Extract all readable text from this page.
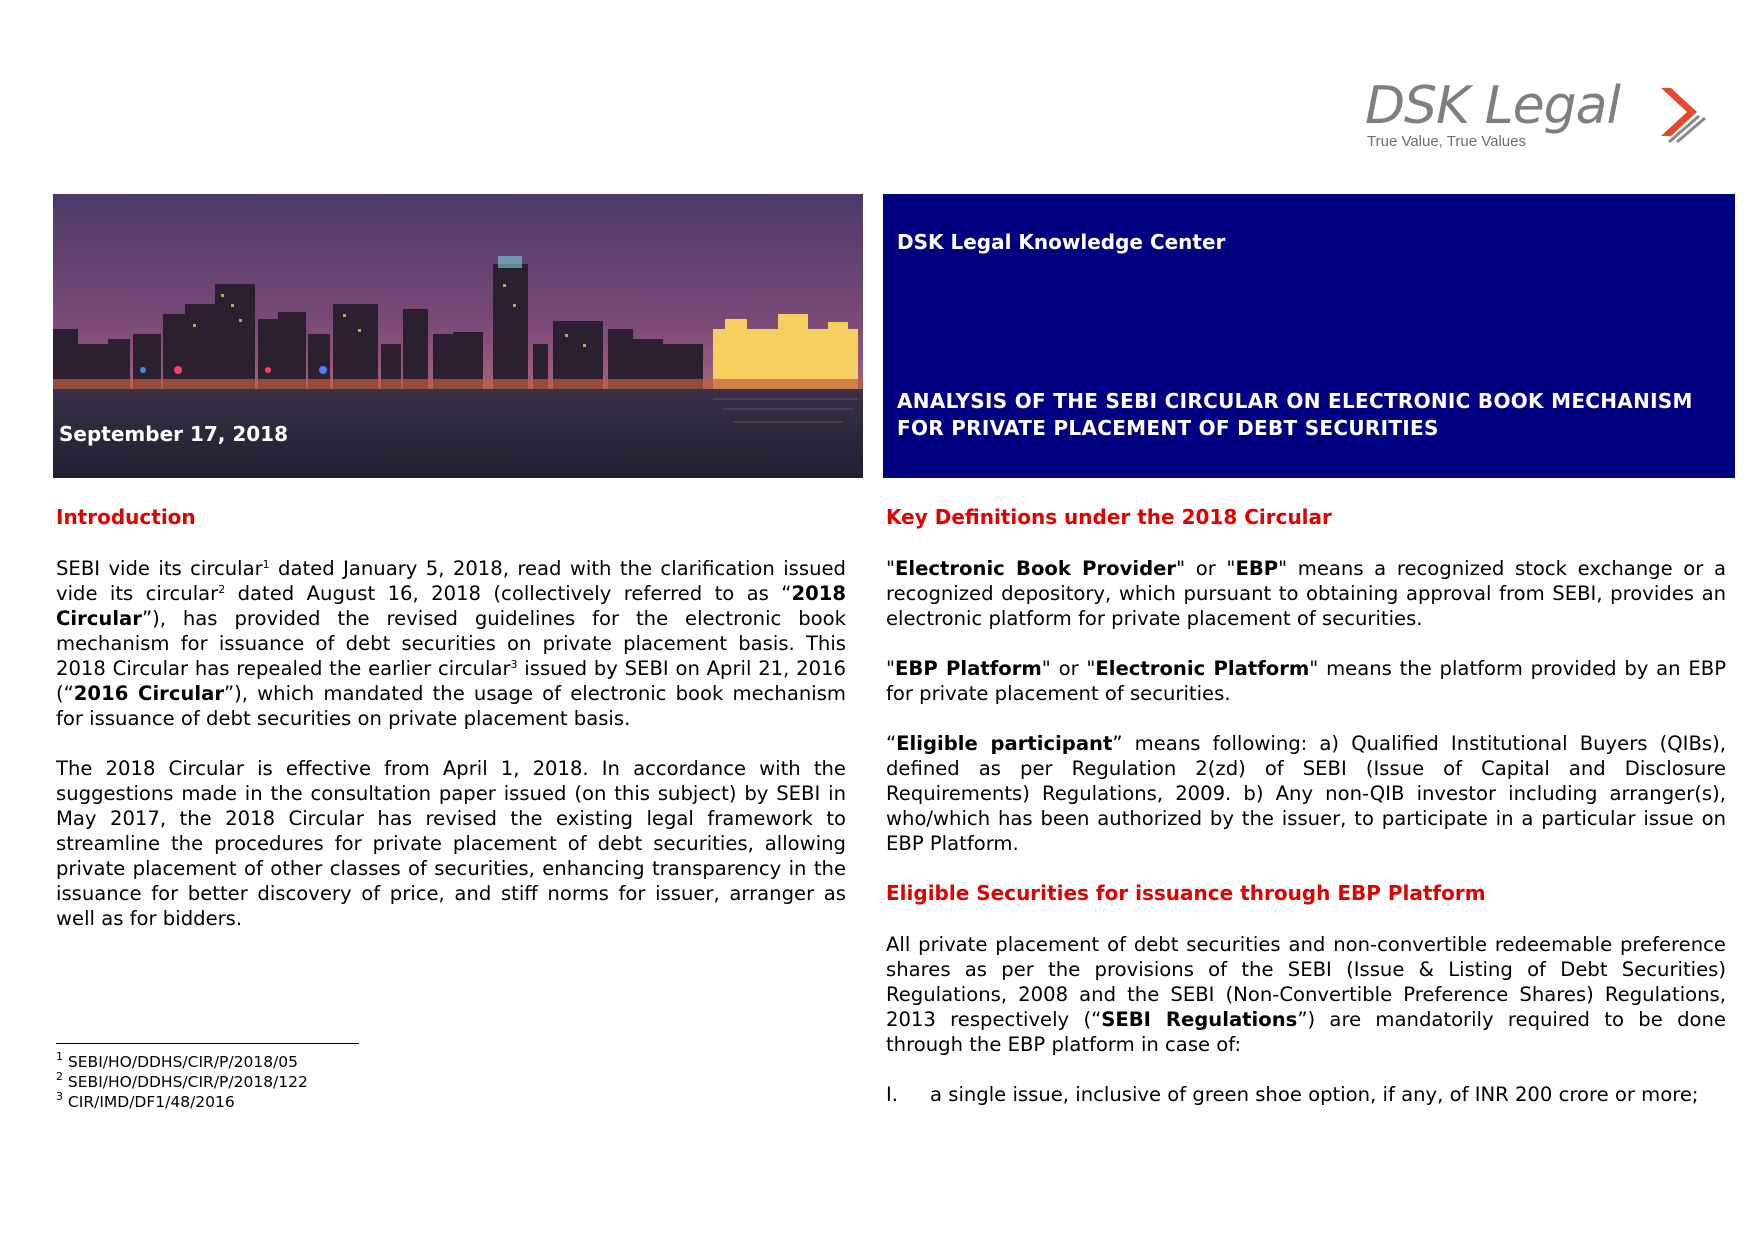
DSK Legal
True Value, True Values
September 17, 2018
DSK Legal Knowledge Center
ANALYSIS OF THE SEBI CIRCULAR ON ELECTRONIC BOOK MECHANISM FOR PRIVATE PLACEMENT OF DEBT SECURITIES
Introduction

SEBI vide its circular$^1$ dated January 5, 2018, read with the clarification issued vide its circular$^2$ dated August 16, 2018 (collectively referred to as “2018 Circular”), has provided the revised guidelines for the electronic book mechanism for issuance of debt securities on private placement basis. This 2018 Circular has repealed the earlier circular$^3$ issued by SEBI on April 21, 2016 (“2016 Circular”), which mandated the usage of electronic book mechanism for issuance of debt securities on private placement basis.

The 2018 Circular is effective from April 1, 2018. In accordance with the suggestions made in the consultation paper issued (on this subject) by SEBI in May 2017, the 2018 Circular has revised the existing legal framework to streamline the procedures for private placement of debt securities, allowing private placement of other classes of securities, enhancing transparency in the issuance for better discovery of price, and stiff norms for issuer, arranger as well as for bidders.

$^1$ SEBI/HO/DDHS/CIR/P/2018/05
$^2$ SEBI/HO/DDHS/CIR/P/2018/122
$^3$ CIR/IMD/DF1/48/2016
Key Definitions under the 2018 Circular

"Electronic Book Provider" or "EBP" means a recognized stock exchange or a recognized depository, which pursuant to obtaining approval from SEBI, provides an electronic platform for private placement of securities.

"EBP Platform" or "Electronic Platform" means the platform provided by an EBP for private placement of securities.

“Eligible participant” means following: a) Qualified Institutional Buyers (QIBs), defined as per Regulation 2(zd) of SEBI (Issue of Capital and Disclosure Requirements) Regulations, 2009. b) Any non-QIB investor including arranger(s), who/which has been authorized by the issuer, to participate in a particular issue on EBP Platform.

Eligible Securities for issuance through EBP Platform

All private placement of debt securities and non-convertible redeemable preference shares as per the provisions of the SEBI (Issue & Listing of Debt Securities) Regulations, 2008 and the SEBI (Non-Convertible Preference Shares) Regulations, 2013 respectively (“SEBI Regulations”) are mandatorily required to be done through the EBP platform in case of:

I.	a single issue, inclusive of green shoe option, if any, of INR 200 crore or more;
